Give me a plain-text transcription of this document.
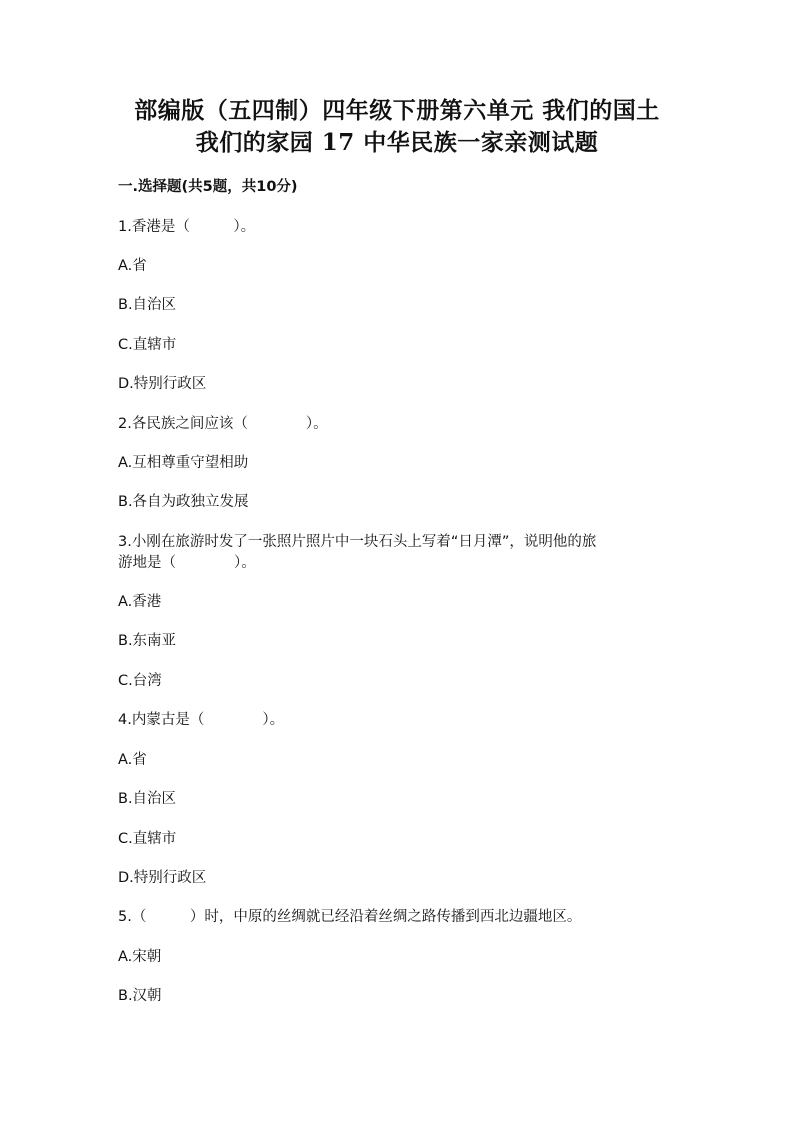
部编版（五四制）四年级下册第六单元 我们的国土
我们的家园 17 中华民族一家亲测试题
一.选择题(共5题，共10分)
1.香港是（　　　）。
A.省
B.自治区
C.直辖市
D.特别行政区
2.各民族之间应该（　　　　）。
A.互相尊重守望相助
B.各自为政独立发展
3.小刚在旅游时发了一张照片照片中一块石头上写着“日月潭”，说明他的旅
游地是（　　　　）。
A.香港
B.东南亚
C.台湾
4.内蒙古是（　　　　）。
A.省
B.自治区
C.直辖市
D.特别行政区
5.（　　　）时，中原的丝绸就已经沿着丝绸之路传播到西北边疆地区。
A.宋朝
B.汉朝
